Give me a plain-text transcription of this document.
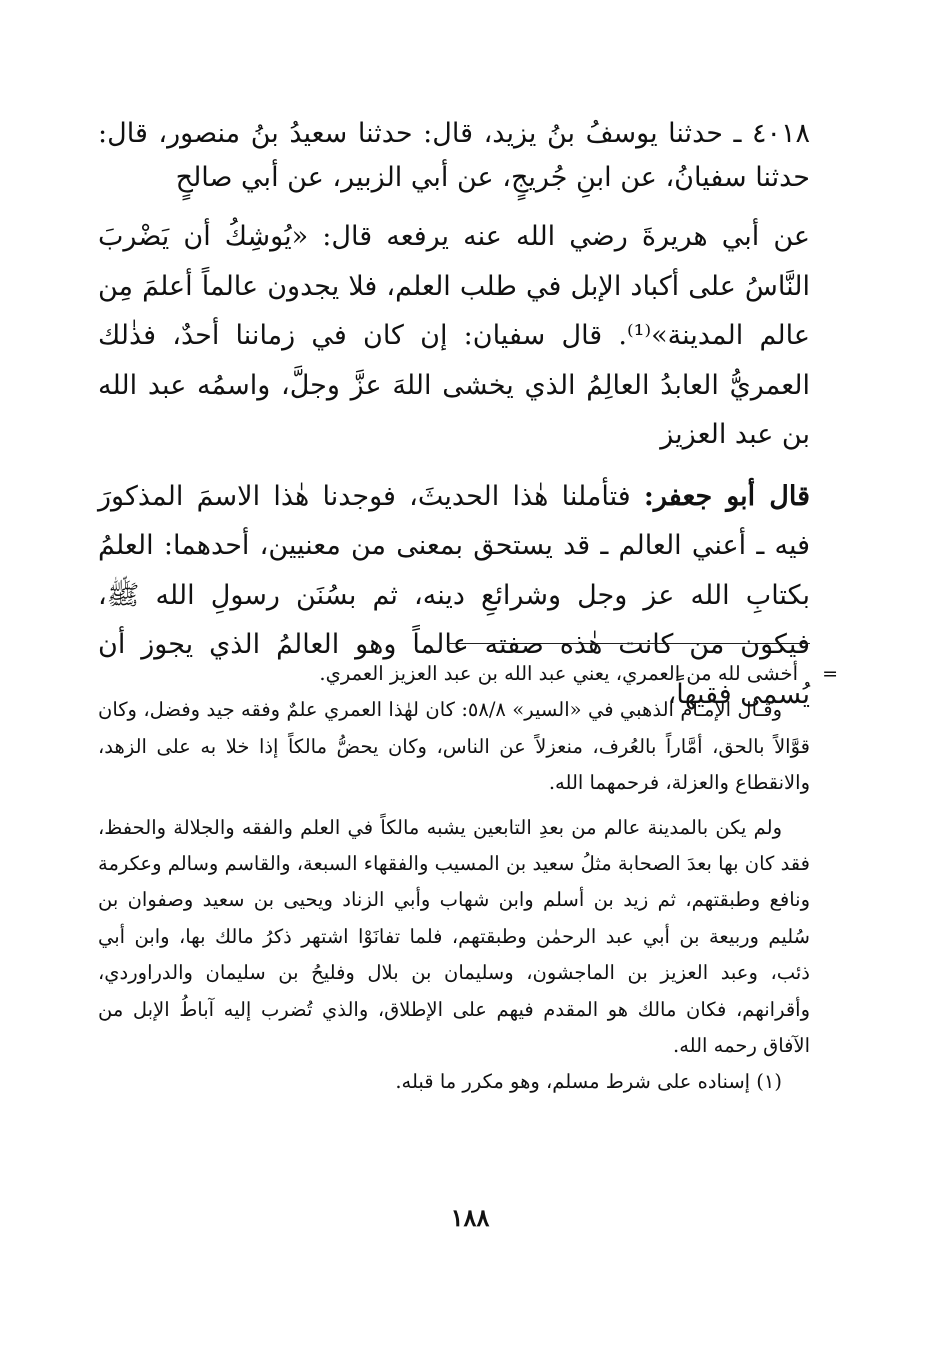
٤٠١٨ ـ حدثنا يوسفُ بنُ يزيد، قال: حدثنا سعيدُ بنُ منصور، قال: حدثنا سفيانُ، عن ابنِ جُريجٍ، عن أبي الزبير، عن أبي صالحٍ

عن أبي هريرةَ رضي الله عنه يرفعه قال: «يُوشِكُ أن يَضْربَ النَّاسُ على أكباد الإبل في طلب العلم، فلا يجدون عالماً أعلمَ مِن عالم المدينة»⁽¹⁾. قال سفيان: إن كان في زماننا أحدٌ، فذٰلك العمريُّ العابدُ العالِمُ الذي يخشى اللهَ عزَّ وجلَّ، واسمُه عبد الله بن عبد العزيز

قال أبو جعفر: فتأملنا هٰذا الحديثَ، فوجدنا هٰذا الاسمَ المذكورَ فيه ـ أعني العالم ـ قد يستحق بمعنى من معنيين، أحدهما: العلمُ بكتابِ الله عز وجل وشرائعِ دينه، ثم بسُنَن رسولِ الله ﷺ، فيكون من كانت هٰذه صفته عالماً وهو العالمُ الذي يجوز أن يُسمى فقيهاً،

=
أخشى لله من العمري، يعني عبد الله بن عبد العزيز العمري.

وقـال الإمـام الذهبي في «السير» ٥٨/٨: كان لهٰذا العمري علمٌ وفقه جيد وفضل، وكان قوَّالاً بالحق، أمَّاراً بالعُرف، منعزلاً عن الناس، وكان يحضُّ مالكاً إذا خلا به على الزهد، والانقطاع والعزلة، فرحمهما الله.

ولم يكن بالمدينة عالم من بعدِ التابعين يشبه مالكاً في العلم والفقه والجلالة والحفظ، فقد كان بها بعدَ الصحابة مثلُ سعيد بن المسيب والفقهاء السبعة، والقاسم وسالم وعكرمة ونافع وطبقتهم، ثم زيد بن أسلم وابن شهاب وأبي الزناد ويحيى بن سعيد وصفوان بن سُليم وربيعة بن أبي عبد الرحمٰن وطبقتهم، فلما تفانَوْا اشتهر ذكرُ مالك بها، وابن أبي ذئب، وعبد العزيز بن الماجشون، وسليمان بن بلال وفليحُ بن سليمان والدراوردي، وأقرانهم، فكان مالك هو المقدم فيهم على الإطلاق، والذي تُضرب إليه آباطُ الإبل من الآفاق رحمه الله.

(١) إسناده على شرط مسلم، وهو مكرر ما قبله.

١٨٨
